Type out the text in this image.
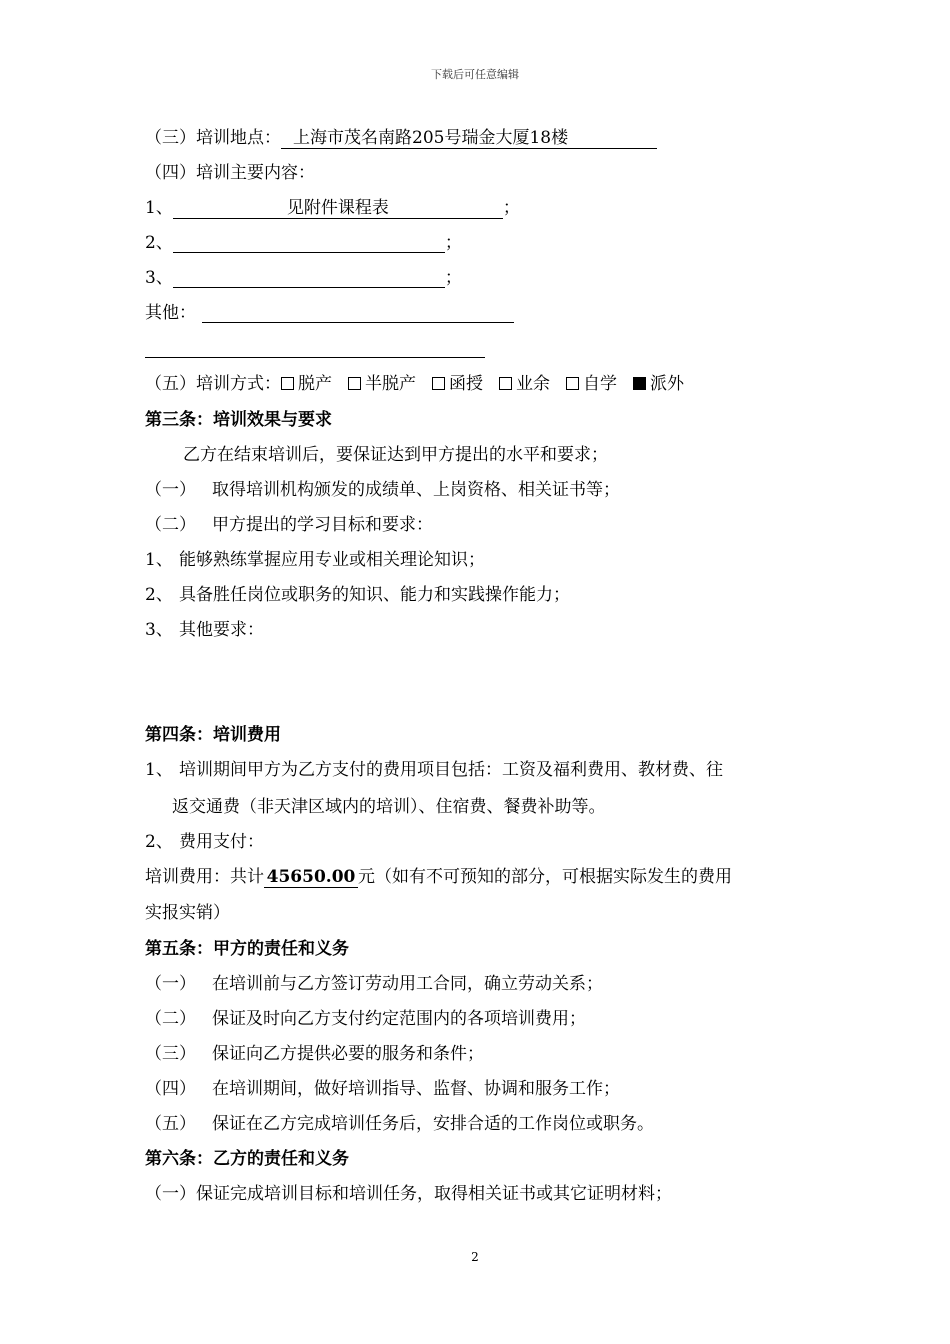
下载后可任意编辑
（三）培训地点： 上海市茂名南路205号瑞金大厦18楼
（四）培训主要内容：
1、	见附件课程表	；
2、	；
3、	；
其他：
（五）培训方式： 脱产 半脱产 函授 业余 自学 派外
第三条：培训效果与要求
乙方在结束培训后，要保证达到甲方提出的水平和要求；
（一） 取得培训机构颁发的成绩单、上岗资格、相关证书等；
（二） 甲方提出的学习目标和要求：
1、 能够熟练掌握应用专业或相关理论知识；
2、 具备胜任岗位或职务的知识、能力和实践操作能力；
3、 其他要求：
第四条：培训费用
1、 培训期间甲方为乙方支付的费用项目包括：工资及福利费用、教材费、往
返交通费（非天津区域内的培训）、住宿费、餐费补助等。
2、 费用支付：
培训费用：共计 45650.00 元（如有不可预知的部分，可根据实际发生的费用
实报实销）
第五条：甲方的责任和义务
（一） 在培训前与乙方签订劳动用工合同，确立劳动关系；
（二） 保证及时向乙方支付约定范围内的各项培训费用；
（三） 保证向乙方提供必要的服务和条件；
（四） 在培训期间，做好培训指导、监督、协调和服务工作；
（五） 保证在乙方完成培训任务后，安排合适的工作岗位或职务。
第六条：乙方的责任和义务
（一）保证完成培训目标和培训任务，取得相关证书或其它证明材料；
2
